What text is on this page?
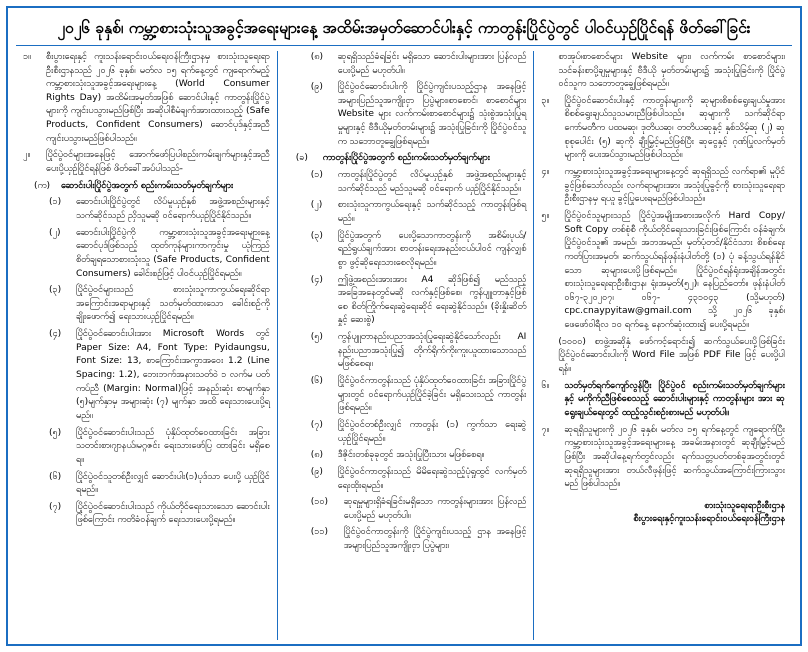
၂၀၂၆ ခုနှစ်၊ ကမ္ဘာ့စားသုံးသူအခွင့်အရေးများနေ့ အထိမ်းအမှတ်ဆောင်ပါးနှင့် ကာတွန်းပြိုင်ပွဲတွင် ပါဝင်ယှဉ်ပြိုင်ရန် ဖိတ်ခေါ်ခြင်း
၁။	စီးပွားရေးနှင့် ကူးသန်းရောင်းဝယ်ရေးဝန်ကြီးဌာနမှ စားသုံးသူရေးရာဦးစီးဌာနသည် ၂၀၂၆ ခုနှစ်၊ မတ်လ ၁၅ ရက်နေ့တွင် ကျရောက်မည့် ကမ္ဘာ့စားသုံးသူအခွင့်အရေးများနေ့ (World Consumer Rights Day) အထိမ်းအမှတ်အဖြစ် ဆောင်ပါးနှင့် ကာတွန်းပြိုင်ပွဲများကို ကျင်းပသွားမည်ဖြစ်ပြီး အဆိုပါစီမံချက်အားထားသည့် (Safe Products, Confident Consumers) ဆောင်ပုဒ်နှင့်အညီ ကျင်းပသွားမည်ဖြစ်ပါသည်။
၂။	ပြိုင်ပွဲဝင်များအနေဖြင့် အောက်ဖော်ပြပါစည်းကမ်းချက်များနှင့်အညီ ပေးပို့ယှဉ်ပြိုင်ရန်ဖြစ် ဖိတ်ခေါ်အပ်ပါသည်-
(က)	ဆောင်းပါးပြိုင်ပွဲအတွက် စည်းကမ်းသတ်မှတ်ချက်များ
(၁)	ဆောင်းပါးပြိုင်ပွဲတွင် လိပ်မူယှဉ်နှစ် အဖွဲ့အစည်းများနှင့် သက်ဆိုင်သည် ညှိသူမဆို ဝင်ရောက်ယှဉ်ပြိုင်နိုင်သည်။
(၂)	ဆောင်းပါးပြိုင်ပွဲကို ကမ္ဘာ့စားသုံးသူအခွင့်အရေးများနေ့ ဆောင်ပုဒ်ဖြစ်သည့် ထုတ်ကုန်များကာကွင်းမှု ယုံကြည်စိတ်ချရသောစားသုံးသူ (Safe Products, Confident Consumers) ခေါင်းစဉ်ဖြင့် ပါဝင်ယှဉ်ပြိုင်ရမည်။
(၃)	ပြိုင်ပွဲဝင်များသည် စားသုံးသူကာကွယ်ရေးဆိုင်ရာ အကြောင်းအရာများနှင့် သတ်မှတ်ထားသော ခေါင်းစဉ်ကို ချိုးဖောက်၍ ရေးသားယှဉ်ပြိုင်ရမည်။
(၄)	ပြိုင်ပွဲဝင်ဆောင်းပါးအား Microsoft Words တွင် Paper Size: A4, Font Type: Pyidaungsu, Font Size: 13, စာကြောင်းအကွာအဝေး 1.2 (Line Spacing: 1.2), ဘေးဘက်အနားသတ်ဝဲ ၁ လက်မ ပတ်ကပ်ညီ (Margin: Normal)ဖြင့် အနည်းဆုံး စာမျက်နှာ (၅)မျက်နှာမှ အများဆုံး (၇) မျက်နှာ အထိ ရေးသားပေးပို့ရမည်။
(၅)	ပြိုင်ပွဲဝင်ဆောင်းပါးသည် ပုံနှိပ်ထုတ်ဝေထားခြင်း အခြားသတင်းစာ၊ဂျာနယ်၊မဂ္ဂဇင်း ရေးသားဖော်ပြ ထားခြင်း မရှိစေရ။
(၆)	ပြိုင်ပွဲဝင်သူတစ်ဦးလျှင် ဆောင်းပါး(၁)ပုဒ်သာ ပေးပို့ ယှဉ်ပြိုင်ရမည်။
(၇)	ပြိုင်ပွဲဝင်ဆောင်းပါးသည် ကိုယ်တိုင်ရေးသားသော ဆောင်းပါးဖြစ်ကြောင်း ကတိခံဝန်ချက် ရေးသားပေးပို့ရမည်။
(၈)	ဆုရရှိသည်ခံရခြင်း မရှိသော ဆောင်းပါးများအား ပြန်လည်ပေးပို့မည် မဟုတ်ပါ။
(၉)	ပြိုင်ပွဲဝင်ဆောင်းပါးကို ပြိုင်ပွဲကျင်းပသည့်ဌာန အနေဖြင့် အများပြည်သူအကျိုးငှာ ပြပွဲများ၊စာစောင်၊ စာစောင်များ Website များ လက်ကမ်းစာစောင်များ၌ သုံးစွဲအသုံးပြုရမှုများနှင့် ဗီဒီယိုမှတ်တမ်းများ၌ အသုံးပြုခြင်းကို ပြိုင်ပွဲဝင်သူက သဘောတူချွေဖြစ်ရမည်။
(ခ)	ကာတွန်းပြိုင်ပွဲအတွက် စည်းကမ်းသတ်မှတ်ချက်များ
(၁)	ကာတွန်းပြိုင်ပွဲတွင် လိပ်မူယှဉ်နှစ် အဖွဲ့အစည်းများနှင့်သက်ဆိုင်သည် မည်သူမဆို ဝင်ရောက် ယှဉ်ပြိုင်နိုင်သည်။
(၂)	စားသုံးသူကာကွယ်ရေးနှင့် သက်ဆိုင်သည့် ကာတွန်းဖြစ်ရမည်။
(၃)	ပြိုင်ပွဲအတွက် ပေးပို့သောကာတွန်းကို အစိမ်းပုယ်/ ရည်ရွယ်ချက်အား စာတန်းရေးအနည်းငယ်ပါဝင် ကျန်လျှစ်စွာ ဖွင့်ဆိုရေးသားစေလိုရမည်။
(၄)	ဤဖွဲ့အစည်းအားအား A4 ဆိုဒ်ဖြစ်၍ မည်သည့် အခြေအနေတွင်မဆို လက်နှင့်ဖြစ်စေ၊ ကွန်ပျူတာနှင့်ဖြစ်စေ စိတ်ကြိုက်ရေးဆွဲရေးဆိုင် ရေးဆွဲနိုင်သည်။ (ခိုးနှိုးဆိတ်နှုင့် ဆေးစွဲ)
(၅)	ကွန်ပျူတာနည်းပညာအသုံးပြုရေးဆွဲနိုင်သော်လည်း AI နည်းပညာအသုံးပြု၍ တိုက်ရိုက်ကိုးကူးယူထားသောသည် မဖြစ်စေရ။
(၆)	ပြိုင်ပွဲဝင်ကာတွန်းသည် ပုံနှိပ်ထုတ်ဝေထားခြင်း အခြားပြိုင်ပွဲများတွင် ဝင်ရောက်ယှဉ်ပြိုင်ခဲ့ခြင်း မရှိသေးသည့် ကာတွန်းဖြစ်ရမည်။
(၇)	ပြိုင်ပွဲဝင်တစ်ဦးလျှင် ကာတွန်း (၁) ကွက်သာ ရေးဆွဲယှဉ်ပြိုင်ရမည်။
(၈)	ဒီဇိုင်းတစ်ခုခုတွင် အသုံးပြုပြီးသား မဖြစ်စေရ။
(၉)	ပြိုင်ပွဲဝင်ကာတွန်းသည် မိမိရေးဆွဲသည့်ပုံရှုထွင် လက်မှတ်ရေးထိုးရမည်။
(၁၀)	ဆုရမှုများရှိခံရခြင်းမရှိသော ကာတွန်းများအား ပြန်လည်ပေးပို့မည် မဟုတ်ပါ။
(၁၁)	ပြိုင်ပွဲဝင်ကာတွန်းကို ပြိုင်ပွဲကျင်းပသည့် ဌာန အနေဖြင့် အများပြည်သူအကျိုးငှာ ပြပွဲများ၊
စာအုပ်၊စာစောင်များ Website များ၊ လက်ကမ်း စာစောင်များ၊ သင်ခန်းစာပို့ချမှုများနှင့် ဗီဒီယို မှတ်တမ်းများ၌ အသုံးပြုခြင်းကို ပြိုင်ပွဲဝင်သူက သဘောတူချွေဖြစ်ရမည်။
၃။	ပြိုင်ပွဲဝင်ဆောင်းပါးနှင့် ကာတွန်းများကို ဆုများစိစစ်ရွေးချယ်မှုအား စိစစ်ရွေးချယ်သူသမားညီဖြစ်ပါသည်။ ဆုများကို သက်ဆိုင်ရာကော်မတီက ပထမဆု၊ ဒုတိယဆု၊ တတိယဆုနှင့် နှစ်သိမ့်ဆု (၂) ဆု စုစုပေါင်း (၅) ဆုကို ချီးမြှင့်မည်ဖြစ်ပြီး ဆုငွေနှင့် ဂုဏ်ပြုလက်မှတ်များကို ပေးအပ်သွားမည်ဖြစ်ပါသည်။
၄။	ကမ္ဘာ့စားသုံးသူအခွင့်အရေးများနေ့တွင် ဆုရရှိသည် လက်ရာ၏ မူပိုင်ခွင့်ဖြစ်သော်လည်း လက်ရာများအား အသုံးပြုခွင့်ကို စားသုံးသူရေးရာဦးစီးဌာနမှ ရယူ ခွင့်ပြုပေးရမည်ဖြစ်ပါသည်။
၅။	ပြိုင်ပွဲဝင်သူများသည် ပြိုင်ပွဲအမျိုးအစားအလိုက် Hard Copy/ Soft Copy တစ်စုံစီ ကိုယ်တိုင်ရေးသားခြင်းဖြစ်ကြောင်း ဝန်ခံချက်၊ ပြိုင်ပွဲဝင်သူ၏ အမည်၊ အဘအမည်၊ မှတ်ပုံတင်/နိုင်ငံသား စိစစ်ရေးကတ်ပြားအမှတ်၊ ဆက်သွယ်ရန်ဖုန်းနံပါတ်တို့ (၁) ပုံ ခန့်သွယ်ရန်နိုင်သော ဆုများပေးပို့ဖြစ်ရမည်။ ပြိုင်ပွဲဝင်ရန်ရုံးအချိန်အတွင်း စားသုံးသူရေးရာဦးစီးဌာန၊ ရုံးအမှတ်(၅၂)၊ နေပြည်တော်။ ဖုန်းနံပါတ် ၀၆၇-၃၂၀၂၀၇၊ ၀၆၇- ၄၃၁၀၄၃ (သို့မဟုတ်) cpc.cnaypyitaw@gmail.com သို့ ၂၀၂၆ ခုနှစ်၊ ဖေဖော်ဝါရီလ ၁၀ ရက်နေ့ နောက်ဆုံးထား၍ ပေးပို့ရမည်။
(၁၀၀၀) စာဖွဲ့အဆိုနှံ ဖော်ကင့်ရောင်း၍ ဆက်သွယ်ပေးပို့ဖြစ်ခြင်း ပြိုင်ပွဲဝင်ဆောင်းပါးကို Word File အဖြစ် PDF File ဖြင့် ပေးပို့ပါရန်။
၆။	သတ်မှတ်ရက်ကျော်လွန်ပြီး ပြိုင်ပွဲဝင် စည်းကမ်းသတ်မှတ်ချက်များနှင့် မကိုက်ညီဖြစ်စေသည့် ဆောင်းပါးများနှင့် ကာတွန်းများ အား ဆုရွေးချယ်ရေးတွင် ထည့်သွင်းစဉ်းစားမည် မဟုတ်ပါ။
၇။	ဆုရရှိသူများကို ၂၀၂၆ ခုနှစ်၊ မတ်လ ၁၅ ရက်နေ့တွင် ကျရောက်ပြီး ကမ္ဘာ့စားသုံးသူအခွင့်အရေးများနေ့ အခမ်းအနားတွင် ဆုချီးမြှင့်မည်ဖြစ်ပြီး အဆိုပါနေ့ရက်တွင်လည်း ရက်သတ္တပတ်တစ်ခုအတွင်းတွင် ဆုရရှိသူများအား တယ်လီဖုန်းဖြင့် ဆက်သွယ်အကြောင်းကြားသွားမည် ဖြစ်ပါသည်။
စားသုံးသူရေးရာဦးစီးဌာန
စီးပွားရေးနှင့်ကူးသန်းရောင်းဝယ်ရေးဝန်ကြီးဌာန
